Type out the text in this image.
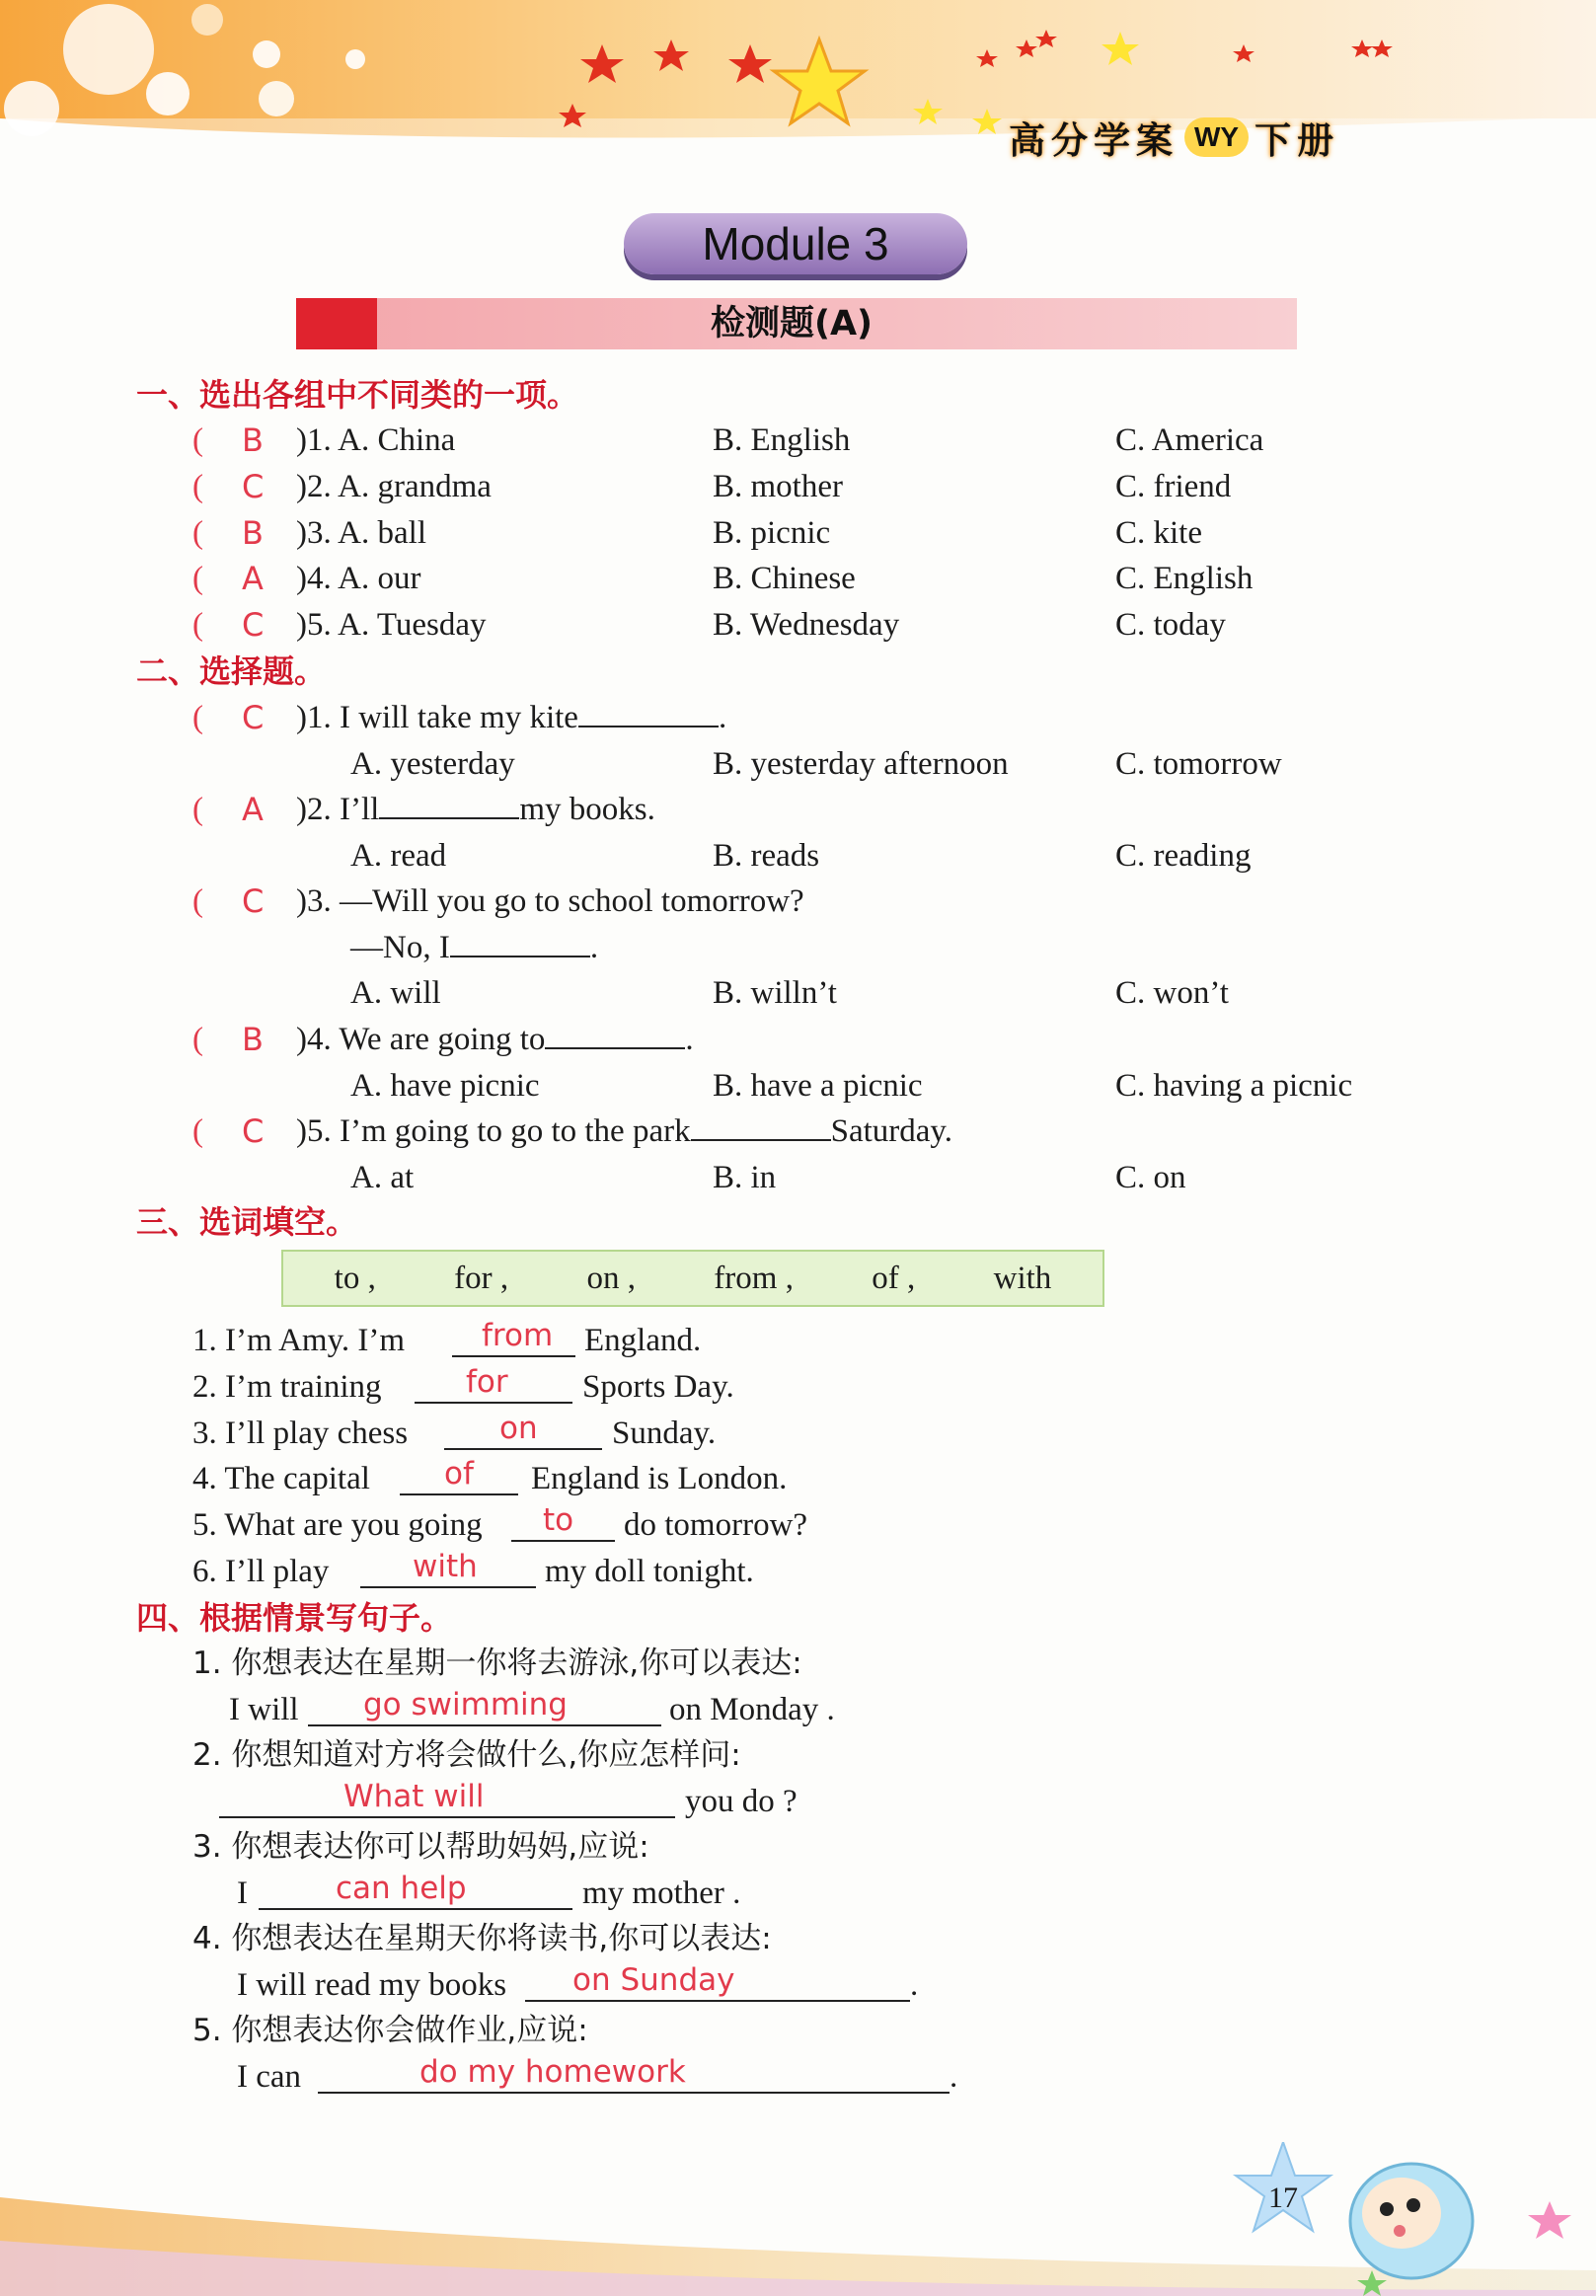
高分学案 WY 下册
Module 3
检测题(A)
一、选出各组中不同类的一项。
( B )1. A. China	B. English	C. America
( C )2. A. grandma	B. mother	C. friend
( B )3. A. ball	B. picnic	C. kite
( A )4. A. our	B. Chinese	C. English
( C )5. A. Tuesday	B. Wednesday	C. today
二、选择题。
( C )1. I will take my kite	.
A. yesterday	B. yesterday afternoon	C. tomorrow
( A )2. I’ll	my books.
A. read	B. reads	C. reading
( C )3. —Will you go to school tomorrow?
—No, I	.
A. will	B. willn’t	C. won’t
( B )4. We are going to	.
A. have picnic	B. have a picnic	C. having a picnic
( C )5. I’m going to go to the park	Saturday.
A. at	B. in	C. on
三、选词填空。
to , for , on , from , of , with
1. I’m Amy. I’m	from England.
2. I’m training	for Sports Day.
3. I’ll play chess	on Sunday.
4. The capital of England is London.
5. What are you going to do tomorrow?
6. I’ll play	with my doll tonight.
四、根据情景写句子。
1. 你想表达在星期一你将去游泳,你可以表达:
I will go swimming	on Monday .
2. 你想知道对方将会做什么,你应怎样问:
What will	you do ?
3. 你想表达你可以帮助妈妈,应说:
I	can help	my mother .
4. 你想表达在星期天你将读书,你可以表达:
I will read my books on Sunday	.
5. 你想表达你会做作业,应说:
I can	do my homework	.
17
